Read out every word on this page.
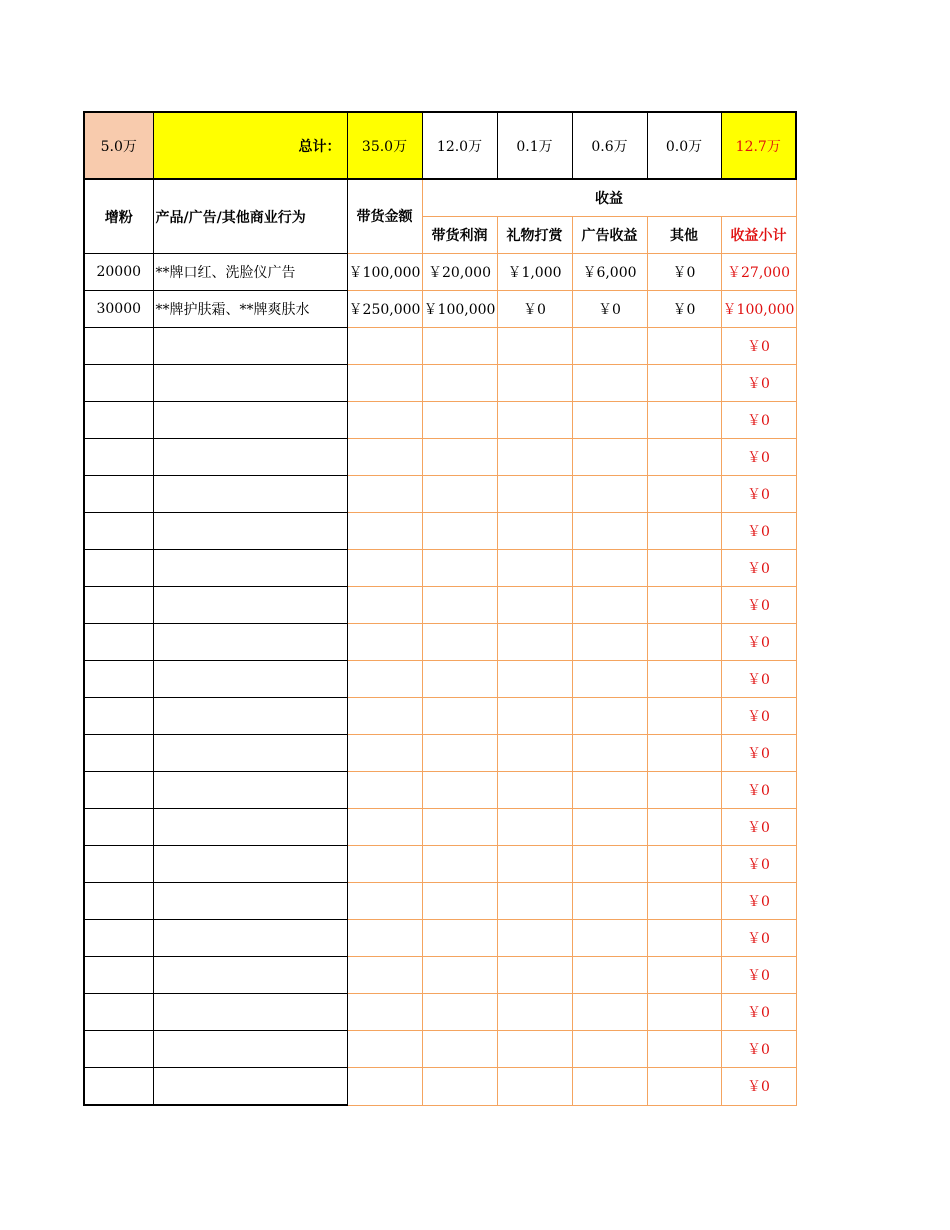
5.0万	总计：	35.0万	12.0万	0.1万	0.6万	0.0万	12.7万
增粉	产品/广告/其他商业行为	带货金额	收益				
			带货利润	礼物打赏	广告收益	其他	收益小计
20000	**牌口红、洗脸仪广告	￥100,000	￥20,000	￥1,000	￥6,000	￥0	￥27,000
30000	**牌护肤霜、**牌爽肤水	￥250,000	￥100,000	￥0	￥0	￥0	￥100,000
							￥0
							￥0
							￥0
							￥0
							￥0
							￥0
							￥0
							￥0
							￥0
							￥0
							￥0
							￥0
							￥0
							￥0
							￥0
							￥0
							￥0
							￥0
							￥0
							￥0
							￥0
